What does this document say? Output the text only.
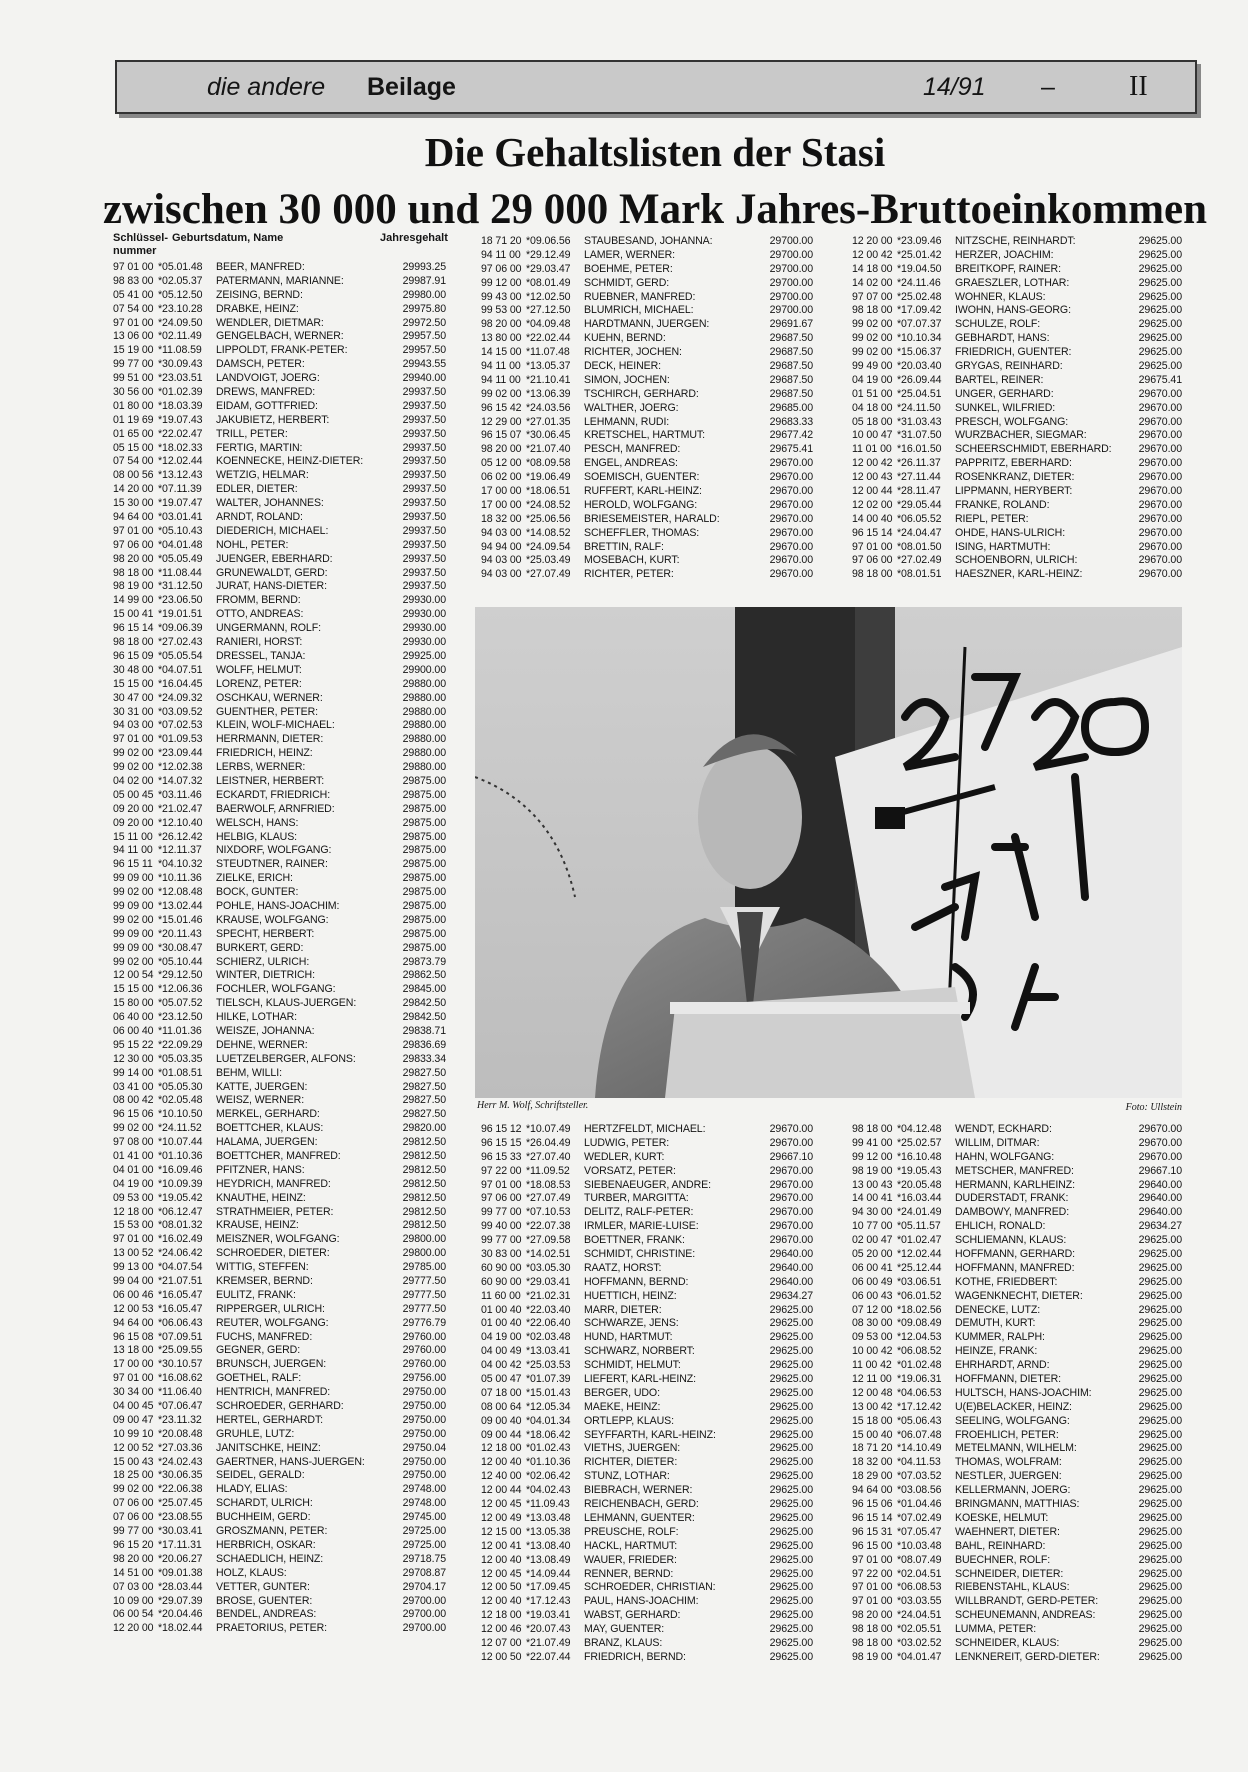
die andere Beilage	14/91 –	II
Die Gehaltslisten der Stasi
zwischen 30 000 und 29 000 Mark Jahres-Bruttoeinkommen
Schlüssel-
nummer
Geburtsdatum, Name	Jahresgehalt
97 01 00 *05.01.48 BEER, MANFRED:	29993.25
98 83 00 *02.05.37 PATERMANN, MARIANNE:	29987.91
05 41 00 *05.12.50 ZEISING, BERND:	29980.00
07 54 00 *23.10.28 DRABKE, HEINZ:	29975.80
97 01 00 *24.09.50 WENDLER, DIETMAR:	29972.50
13 06 00 *02.11.49 GENGELBACH, WERNER:	29957.50
15 19 00 *11.08.59 LIPPOLDT, FRANK-PETER:	29957.50
99 77 00 *30.09.43 DAMSCH, PETER:	29943.55
99 51 00 *23.03.51 LANDVOIGT, JOERG:	29940.00
30 56 00 *01.02.39 DREWS, MANFRED:	29937.50
01 80 00 *18.03.39 EIDAM, GOTTFRIED:	29937.50
01 19 69 *19.07.43 JAKUBIETZ, HERBERT:	29937.50
01 65 00 *22.02.47 TRILL, PETER:	29937.50
05 15 00 *18.02.33 FERTIG, MARTIN:	29937.50
07 54 00 *12.02.44 KOENNECKE, HEINZ-DIETER:	29937.50
08 00 56 *13.12.43 WETZIG, HELMAR:	29937.50
14 20 00 *07.11.39 EDLER, DIETER:	29937.50
15 30 00 *19.07.47 WALTER, JOHANNES:	29937.50
94 64 00 *03.01.41 ARNDT, ROLAND:	29937.50
97 01 00 *05.10.43 DIEDERICH, MICHAEL:	29937.50
97 06 00 *04.01.48 NOHL, PETER:	29937.50
98 20 00 *05.05.49 JUENGER, EBERHARD:	29937.50
98 18 00 *11.08.44 GRUNEWALDT, GERD:	29937.50
98 19 00 *31.12.50 JURAT, HANS-DIETER:	29937.50
14 99 00 *23.06.50 FROMM, BERND:	29930.00
15 00 41 *19.01.51 OTTO, ANDREAS:	29930.00
96 15 14 *09.06.39 UNGERMANN, ROLF:	29930.00
98 18 00 *27.02.43 RANIERI, HORST:	29930.00
96 15 09 *05.05.54 DRESSEL, TANJA:	29925.00
30 48 00 *04.07.51 WOLFF, HELMUT:	29900.00
15 15 00 *16.04.45 LORENZ, PETER:	29880.00
30 47 00 *24.09.32 OSCHKAU, WERNER:	29880.00
30 31 00 *03.09.52 GUENTHER, PETER:	29880.00
94 03 00 *07.02.53 KLEIN, WOLF-MICHAEL:	29880.00
97 01 00 *01.09.53 HERRMANN, DIETER:	29880.00
99 02 00 *23.09.44 FRIEDRICH, HEINZ:	29880.00
99 02 00 *12.02.38 LERBS, WERNER:	29880.00
04 02 00 *14.07.32 LEISTNER, HERBERT:	29875.00
05 00 45 *03.11.46 ECKARDT, FRIEDRICH:	29875.00
09 20 00 *21.02.47 BAERWOLF, ARNFRIED:	29875.00
09 20 00 *12.10.40 WELSCH, HANS:	29875.00
15 11 00 *26.12.42 HELBIG, KLAUS:	29875.00
94 11 00 *12.11.37 NIXDORF, WOLFGANG:	29875.00
96 15 11 *04.10.32 STEUDTNER, RAINER:	29875.00
99 09 00 *10.11.36 ZIELKE, ERICH:	29875.00
99 02 00 *12.08.48 BOCK, GUNTER:	29875.00
99 09 00 *13.02.44 POHLE, HANS-JOACHIM:	29875.00
99 02 00 *15.01.46 KRAUSE, WOLFGANG:	29875.00
99 09 00 *20.11.43 SPECHT, HERBERT:	29875.00
99 09 00 *30.08.47 BURKERT, GERD:	29875.00
99 02 00 *05.10.44 SCHIERZ, ULRICH:	29873.79
12 00 54 *29.12.50 WINTER, DIETRICH:	29862.50
15 15 00 *12.06.36 FOCHLER, WOLFGANG:	29845.00
15 80 00 *05.07.52 TIELSCH, KLAUS-JUERGEN:	29842.50
06 40 00 *23.12.50 HILKE, LOTHAR:	29842.50
06 00 40 *11.01.36 WEISZE, JOHANNA:	29838.71
95 15 22 *22.09.29 DEHNE, WERNER:	29836.69
12 30 00 *05.03.35 LUETZELBERGER, ALFONS:	29833.34
99 14 00 *01.08.51 BEHM, WILLI:	29827.50
03 41 00 *05.05.30 KATTE, JUERGEN:	29827.50
08 00 42 *02.05.48 WEISZ, WERNER:	29827.50
96 15 06 *10.10.50 MERKEL, GERHARD:	29827.50
99 02 00 *24.11.52 BOETTCHER, KLAUS:	29820.00
97 08 00 *10.07.44 HALAMA, JUERGEN:	29812.50
01 41 00 *01.10.36 BOETTCHER, MANFRED:	29812.50
04 01 00 *16.09.46 PFITZNER, HANS:	29812.50
04 19 00 *10.09.39 HEYDRICH, MANFRED:	29812.50
09 53 00 *19.05.42 KNAUTHE, HEINZ:	29812.50
12 18 00 *06.12.47 STRATHMEIER, PETER:	29812.50
15 53 00 *08.01.32 KRAUSE, HEINZ:	29812.50
97 01 00 *16.02.49 MEISZNER, WOLFGANG:	29800.00
13 00 52 *24.06.42 SCHROEDER, DIETER:	29800.00
99 13 00 *04.07.54 WITTIG, STEFFEN:	29785.00
99 04 00 *21.07.51 KREMSER, BERND:	29777.50
06 00 46 *16.05.47 EULITZ, FRANK:	29777.50
12 00 53 *16.05.47 RIPPERGER, ULRICH:	29777.50
94 64 00 *06.06.43 REUTER, WOLFGANG:	29776.79
96 15 08 *07.09.51 FUCHS, MANFRED:	29760.00
13 18 00 *25.09.55 GEGNER, GERD:	29760.00
17 00 00 *30.10.57 BRUNSCH, JUERGEN:	29760.00
97 01 00 *16.08.62 GOETHEL, RALF:	29756.00
30 34 00 *11.06.40 HENTRICH, MANFRED:	29750.00
04 00 45 *07.06.47 SCHROEDER, GERHARD:	29750.00
09 00 47 *23.11.32 HERTEL, GERHARDT:	29750.00
10 99 10 *20.08.48 GRUHLE, LUTZ:	29750.00
12 00 52 *27.03.36 JANITSCHKE, HEINZ:	29750.04
15 00 43 *24.02.43 GAERTNER, HANS-JUERGEN:	29750.00
18 25 00 *30.06.35 SEIDEL, GERALD:	29750.00
99 02 00 *22.06.38 HLADY, ELIAS:	29748.00
07 06 00 *25.07.45 SCHARDT, ULRICH:	29748.00
07 06 00 *23.08.55 BUCHHEIM, GERD:	29745.00
99 77 00 *30.03.41 GROSZMANN, PETER:	29725.00
96 15 20 *17.11.31 HERBRICH, OSKAR:	29725.00
98 20 00 *20.06.27 SCHAEDLICH, HEINZ:	29718.75
14 51 00 *09.01.38 HOLZ, KLAUS:	29708.87
07 03 00 *28.03.44 VETTER, GUNTER:	29704.17
10 09 00 *29.07.39 BROSE, GUENTER:	29700.00
06 00 54 *20.04.46 BENDEL, ANDREAS:	29700.00
12 20 00 *18.02.44 PRAETORIUS, PETER:	29700.00
18 71 20 *09.06.56 STAUBESAND, JOHANNA:	29700.00
94 11 00 *29.12.49 LAMER, WERNER:	29700.00
97 06 00 *29.03.47 BOEHME, PETER:	29700.00
99 12 00 *08.01.49 SCHMIDT, GERD:	29700.00
99 43 00 *12.02.50 RUEBNER, MANFRED:	29700.00
99 53 00 *27.12.50 BLUMRICH, MICHAEL:	29700.00
98 20 00 *04.09.48 HARDTMANN, JUERGEN:	29691.67
13 80 00 *22.02.44 KUEHN, BERND:	29687.50
14 15 00 *11.07.48 RICHTER, JOCHEN:	29687.50
94 11 00 *13.05.37 DECK, HEINER:	29687.50
94 11 00 *21.10.41 SIMON, JOCHEN:	29687.50
99 02 00 *13.06.39 TSCHIRCH, GERHARD:	29687.50
96 15 42 *24.03.56 WALTHER, JOERG:	29685.00
12 29 00 *27.01.35 LEHMANN, RUDI:	29683.33
96 15 07 *30.06.45 KRETSCHEL, HARTMUT:	29677.42
98 20 00 *21.07.40 PESCH, MANFRED:	29675.41
05 12 00 *08.09.58 ENGEL, ANDREAS:	29670.00
06 02 00 *19.06.49 SOEMISCH, GUENTER:	29670.00
17 00 00 *18.06.51 RUFFERT, KARL-HEINZ:	29670.00
17 00 00 *24.08.52 HEROLD, WOLFGANG:	29670.00
18 32 00 *25.06.56 BRIESEMEISTER, HARALD:	29670.00
94 03 00 *14.08.52 SCHEFFLER, THOMAS:	29670.00
94 94 00 *24.09.54 BRETTIN, RALF:	29670.00
94 03 00 *25.03.49 MOSEBACH, KURT:	29670.00
94 03 00 *27.07.49 RICHTER, PETER:	29670.00
12 20 00 *23.09.46 NITZSCHE, REINHARDT:	29625.00
12 00 42 *25.01.42 HERZER, JOACHIM:	29625.00
14 18 00 *19.04.50 BREITKOPF, RAINER:	29625.00
14 02 00 *24.11.46 GRAESZLER, LOTHAR:	29625.00
97 07 00 *25.02.48 WOHNER, KLAUS:	29625.00
98 18 00 *17.09.42 IWOHN, HANS-GEORG:	29625.00
99 02 00 *07.07.37 SCHULZE, ROLF:	29625.00
99 02 00 *10.10.34 GEBHARDT, HANS:	29625.00
99 02 00 *15.06.37 FRIEDRICH, GUENTER:	29625.00
99 49 00 *20.03.40 GRYGAS, REINHARD:	29625.00
04 19 00 *26.09.44 BARTEL, REINER:	29675.41
01 51 00 *25.04.51 UNGER, GERHARD:	29670.00
04 18 00 *24.11.50 SUNKEL, WILFRIED:	29670.00
05 18 00 *31.03.43 PRESCH, WOLFGANG:	29670.00
10 00 47 *31.07.50 WURZBACHER, SIEGMAR:	29670.00
11 01 00 *16.01.50 SCHEERSCHMIDT, EBERHARD:	29670.00
12 00 42 *26.11.37 PAPPRITZ, EBERHARD:	29670.00
12 00 43 *27.11.44 ROSENKRANZ, DIETER:	29670.00
12 00 44 *28.11.47 LIPPMANN, HERYBERT:	29670.00
12 02 00 *29.05.44 FRANKE, ROLAND:	29670.00
14 00 40 *06.05.52 RIEPL, PETER:	29670.00
96 15 14 *24.04.47 OHDE, HANS-ULRICH:	29670.00
97 01 00 *08.01.50 ISING, HARTMUTH:	29670.00
97 06 00 *27.02.49 SCHOENBORN, ULRICH:	29670.00
98 18 00 *08.01.51 HAESZNER, KARL-HEINZ:	29670.00
96 15 12 *10.07.49 HERTZFELDT, MICHAEL:	29670.00
96 15 15 *26.04.49 LUDWIG, PETER:	29670.00
96 15 33 *27.07.40 WEDLER, KURT:	29667.10
97 22 00 *11.09.52 VORSATZ, PETER:	29670.00
97 01 00 *18.08.53 SIEBENAEUGER, ANDRE:	29670.00
97 06 00 *27.07.49 TURBER, MARGITTA:	29670.00
99 77 00 *07.10.53 DELITZ, RALF-PETER:	29670.00
99 40 00 *22.07.38 IRMLER, MARIE-LUISE:	29670.00
99 77 00 *27.09.58 BOETTNER, FRANK:	29670.00
30 83 00 *14.02.51 SCHMIDT, CHRISTINE:	29640.00
60 90 00 *03.05.30 RAATZ, HORST:	29640.00
60 90 00 *29.03.41 HOFFMANN, BERND:	29640.00
11 60 00 *21.02.31 HUETTICH, HEINZ:	29634.27
01 00 40 *22.03.40 MARR, DIETER:	29625.00
01 00 40 *22.06.40 SCHWARZE, JENS:	29625.00
04 19 00 *02.03.48 HUND, HARTMUT:	29625.00
04 00 49 *13.03.41 SCHWARZ, NORBERT:	29625.00
04 00 42 *25.03.53 SCHMIDT, HELMUT:	29625.00
05 00 47 *01.07.39 LIEFERT, KARL-HEINZ:	29625.00
07 18 00 *15.01.43 BERGER, UDO:	29625.00
08 00 64 *12.05.34 MAEKE, HEINZ:	29625.00
09 00 40 *04.01.34 ORTLEPP, KLAUS:	29625.00
09 00 44 *18.06.42 SEYFFARTH, KARL-HEINZ:	29625.00
12 18 00 *01.02.43 VIETHS, JUERGEN:	29625.00
12 00 40 *01.10.36 RICHTER, DIETER:	29625.00
12 40 00 *02.06.42 STUNZ, LOTHAR:	29625.00
12 00 44 *04.02.43 BIEBRACH, WERNER:	29625.00
12 00 45 *11.09.43 REICHENBACH, GERD:	29625.00
12 00 49 *13.03.48 LEHMANN, GUENTER:	29625.00
12 15 00 *13.05.38 PREUSCHE, ROLF:	29625.00
12 00 41 *13.08.40 HACKL, HARTMUT:	29625.00
12 00 40 *13.08.49 WAUER, FRIEDER:	29625.00
12 00 45 *14.09.44 RENNER, BERND:	29625.00
12 00 50 *17.09.45 SCHROEDER, CHRISTIAN:	29625.00
12 00 40 *17.12.43 PAUL, HANS-JOACHIM:	29625.00
12 18 00 *19.03.41 WABST, GERHARD:	29625.00
12 00 46 *20.07.43 MAY, GUENTER:	29625.00
12 07 00 *21.07.49 BRANZ, KLAUS:	29625.00
12 00 50 *22.07.44 FRIEDRICH, BERND:	29625.00
98 18 00 *04.12.48 WENDT, ECKHARD:	29670.00
99 41 00 *25.02.57 WILLIM, DITMAR:	29670.00
99 12 00 *16.10.48 HAHN, WOLFGANG:	29670.00
98 19 00 *19.05.43 METSCHER, MANFRED:	29667.10
13 00 43 *20.05.48 HERMANN, KARLHEINZ:	29640.00
14 00 41 *16.03.44 DUDERSTADT, FRANK:	29640.00
94 30 00 *24.01.49 DAMBOWY, MANFRED:	29640.00
10 77 00 *05.11.57 EHLICH, RONALD:	29634.27
02 00 47 *01.02.47 SCHLIEMANN, KLAUS:	29625.00
05 20 00 *12.02.44 HOFFMANN, GERHARD:	29625.00
06 00 41 *25.12.44 HOFFMANN, MANFRED:	29625.00
06 00 49 *03.06.51 KOTHE, FRIEDBERT:	29625.00
06 00 43 *06.01.52 WAGENKNECHT, DIETER:	29625.00
07 12 00 *18.02.56 DENECKE, LUTZ:	29625.00
08 30 00 *09.08.49 DEMUTH, KURT:	29625.00
09 53 00 *12.04.53 KUMMER, RALPH:	29625.00
10 00 42 *06.08.52 HEINZE, FRANK:	29625.00
11 00 42 *01.02.48 EHRHARDT, ARND:	29625.00
12 11 00 *19.06.31 HOFFMANN, DIETER:	29625.00
12 00 48 *04.06.53 HULTSCH, HANS-JOACHIM:	29625.00
13 00 42 *17.12.42 U(E)BELACKER, HEINZ:	29625.00
15 18 00 *05.06.43 SEELING, WOLFGANG:	29625.00
15 00 40 *06.07.48 FROEHLICH, PETER:	29625.00
18 71 20 *14.10.49 METELMANN, WILHELM:	29625.00
18 32 00 *04.11.53 THOMAS, WOLFRAM:	29625.00
18 29 00 *07.03.52 NESTLER, JUERGEN:	29625.00
94 64 00 *03.08.56 KELLERMANN, JOERG:	29625.00
96 15 06 *01.04.46 BRINGMANN, MATTHIAS:	29625.00
96 15 14 *07.02.49 KOESKE, HELMUT:	29625.00
96 15 31 *07.05.47 WAEHNERT, DIETER:	29625.00
96 15 00 *10.03.48 BAHL, REINHARD:	29625.00
97 01 00 *08.07.49 BUECHNER, ROLF:	29625.00
97 22 00 *02.04.51 SCHNEIDER, DIETER:	29625.00
97 01 00 *06.08.53 RIEBENSTAHL, KLAUS:	29625.00
97 01 00 *03.03.55 WILLBRANDT, GERD-PETER:	29625.00
98 20 00 *24.04.51 SCHEUNEMANN, ANDREAS:	29625.00
98 18 00 *02.05.51 LUMMA, PETER:	29625.00
98 18 00 *03.02.52 SCHNEIDER, KLAUS:	29625.00
98 19 00 *04.01.47 LENKNEREIT, GERD-DIETER:	29625.00
Herr M. Wolf, Schriftsteller.	Foto: Ullstein
